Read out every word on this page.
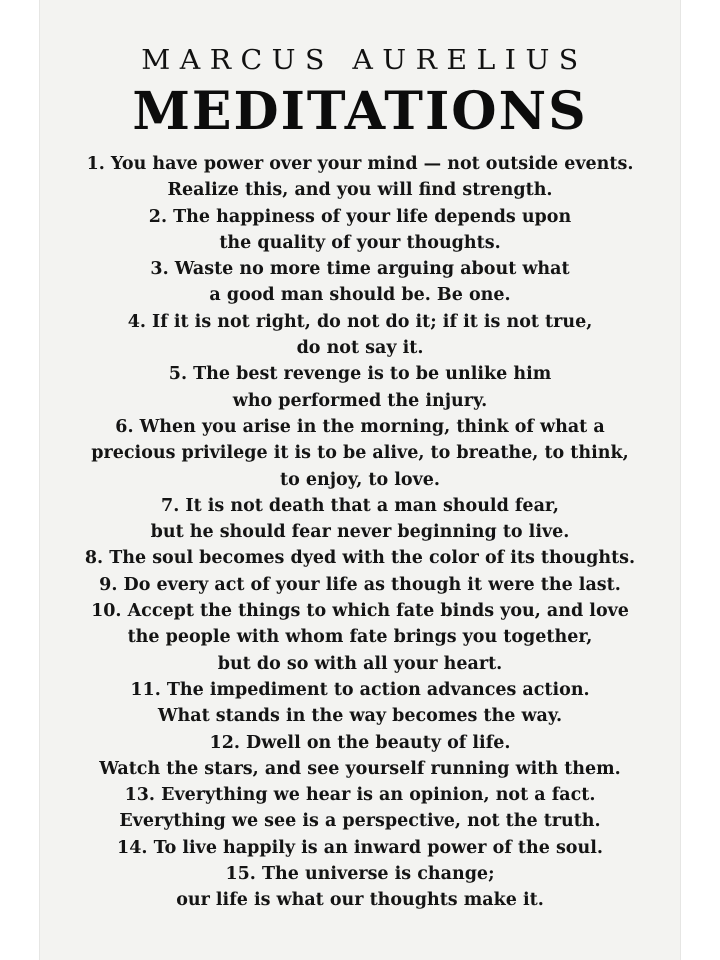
MARCUS AURELIUS
MEDITATIONS
1. You have power over your mind — not outside events.
Realize this, and you will find strength.
2. The happiness of your life depends upon
the quality of your thoughts.
3. Waste no more time arguing about what
a good man should be. Be one.
4. If it is not right, do not do it; if it is not true,
do not say it.
5. The best revenge is to be unlike him
who performed the injury.
6. When you arise in the morning, think of what a
precious privilege it is to be alive, to breathe, to think,
to enjoy, to love.
7. It is not death that a man should fear,
but he should fear never beginning to live.
8. The soul becomes dyed with the color of its thoughts.
9. Do every act of your life as though it were the last.
10. Accept the things to which fate binds you, and love
the people with whom fate brings you together,
but do so with all your heart.
11. The impediment to action advances action.
What stands in the way becomes the way.
12. Dwell on the beauty of life.
Watch the stars, and see yourself running with them.
13. Everything we hear is an opinion, not a fact.
Everything we see is a perspective, not the truth.
14. To live happily is an inward power of the soul.
15. The universe is change;
our life is what our thoughts make it.
